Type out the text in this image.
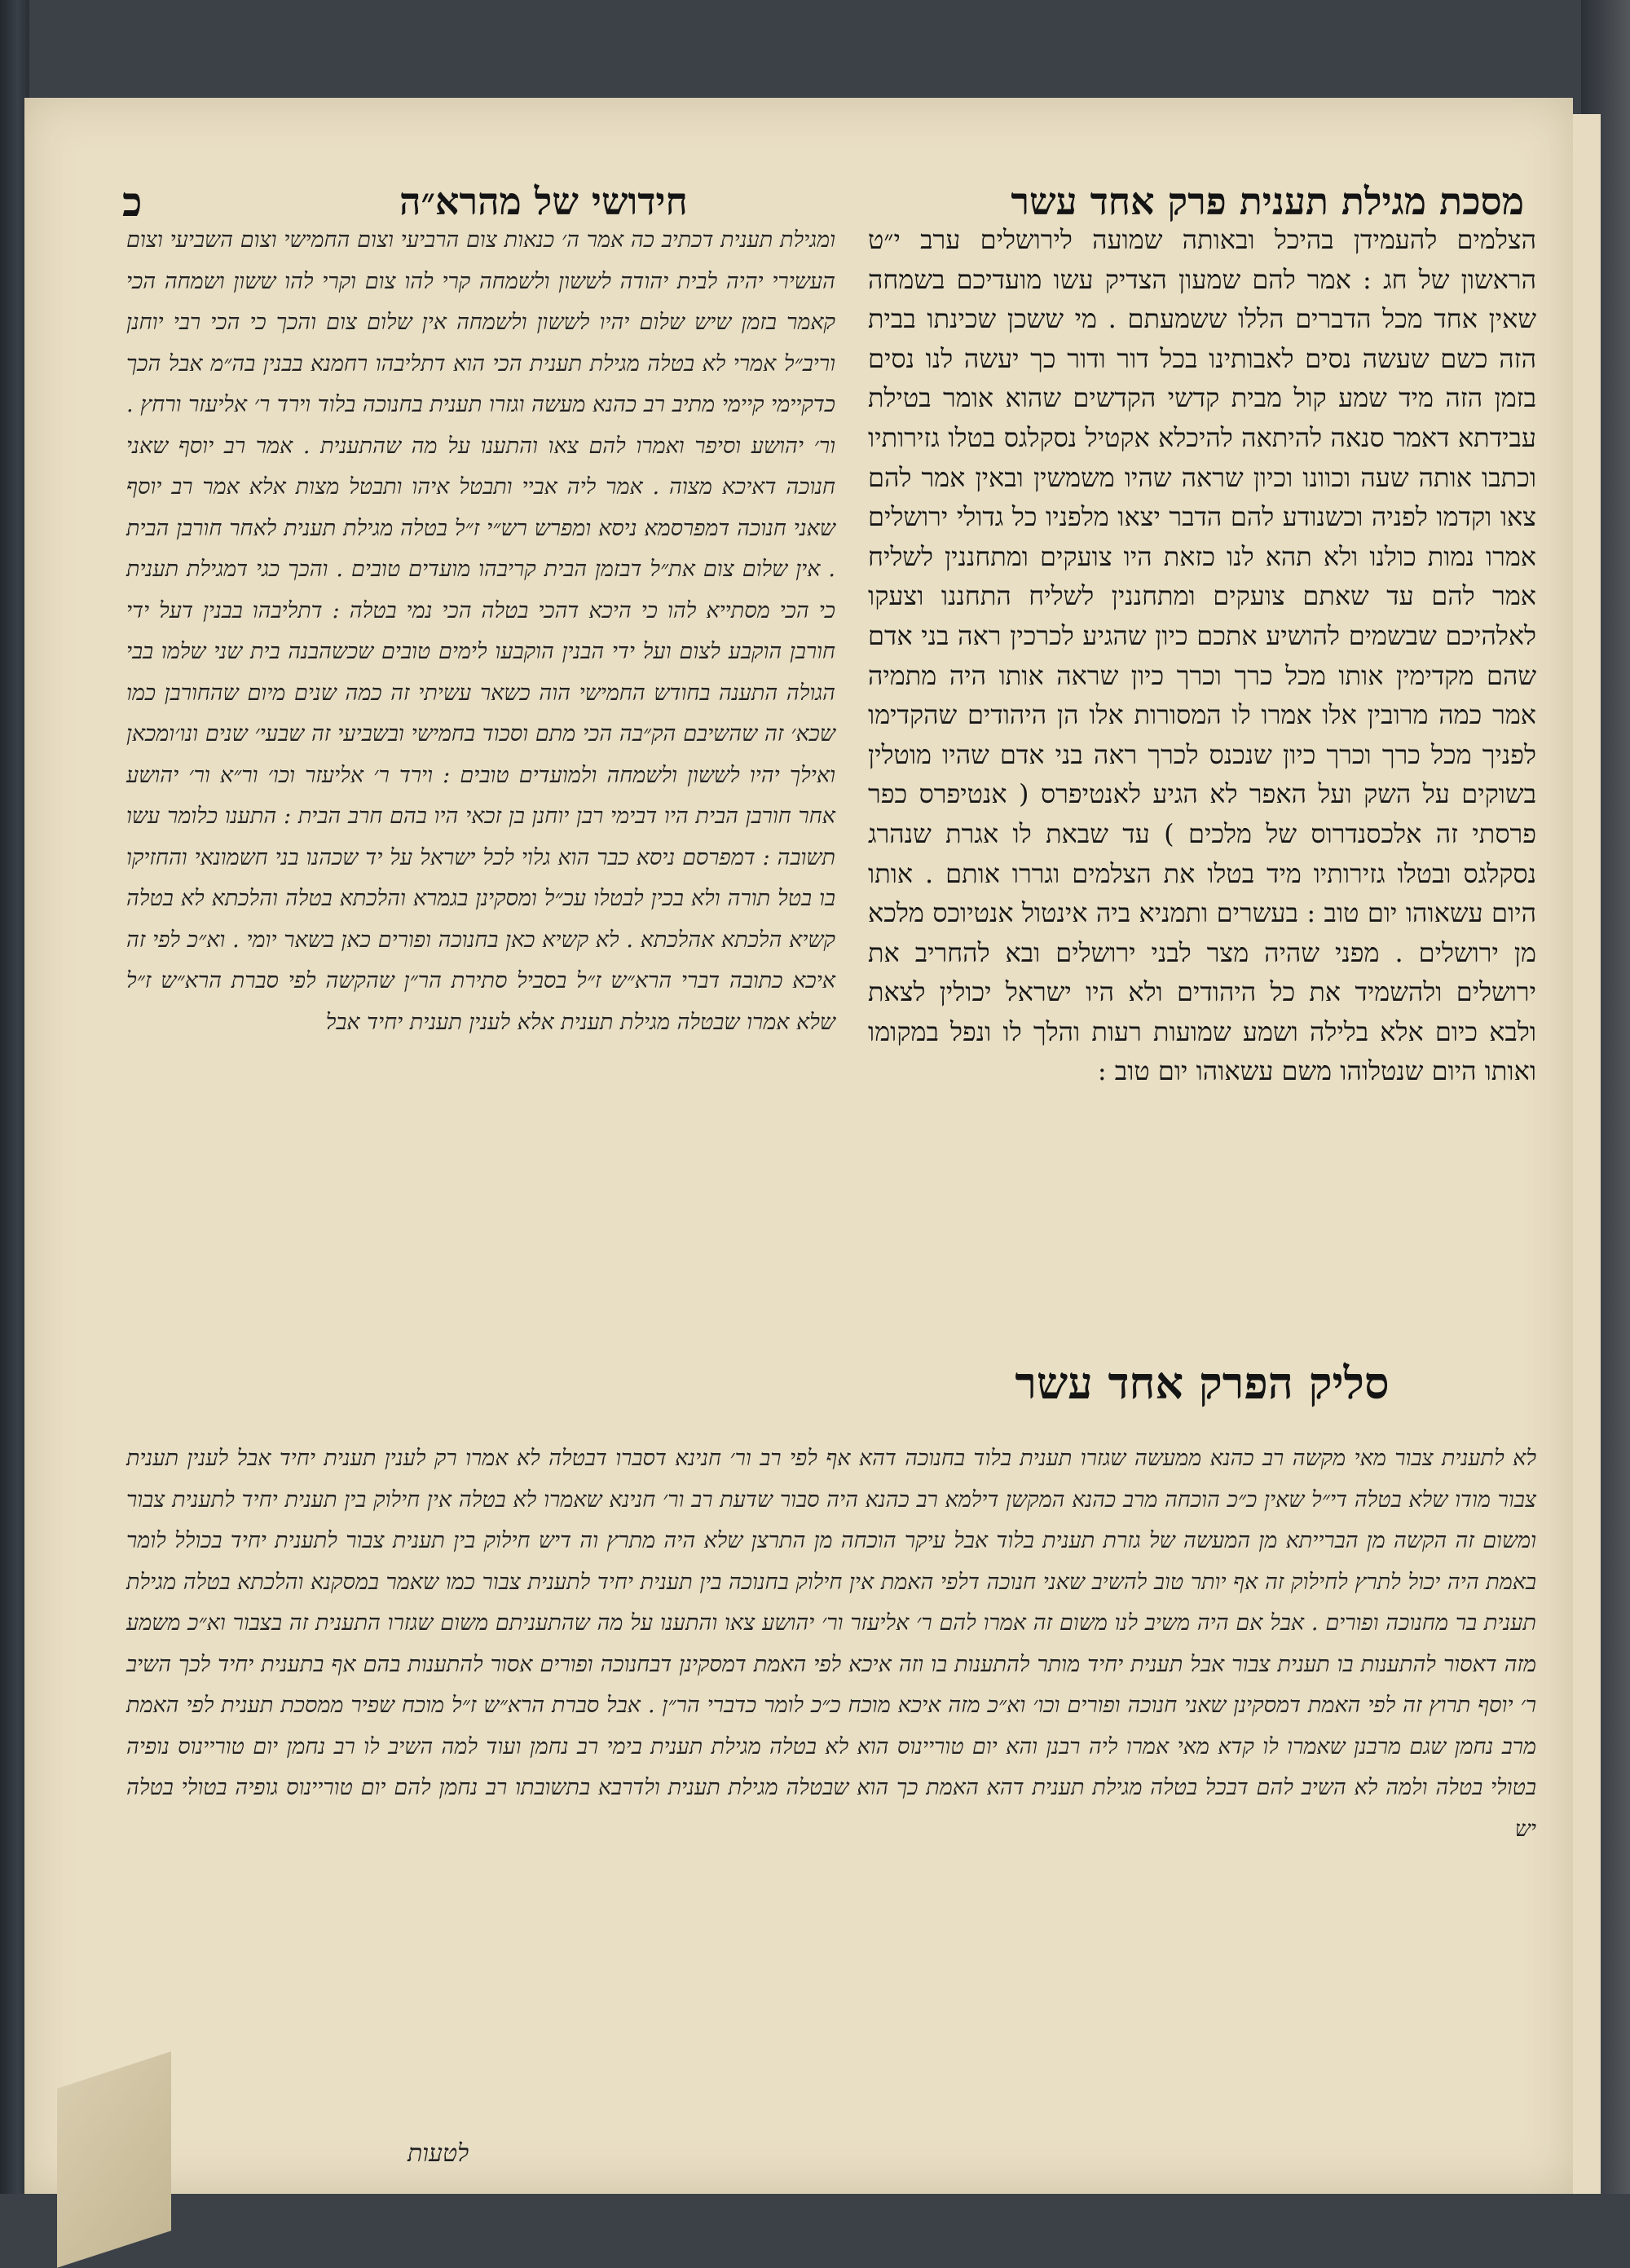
מסכת מגילת תענית פרק אחד עשר
חידושי של מהרא״ה
כ

הצלמים להעמידן בהיכל ובאותה שמועה לירושלים ערב י״ט הראשון של חג : אמר להם שמעון הצדיק עשו מועדיכם בשמחה שאין אחד מכל הדברים הללו ששמעתם . מי ששכן שכינתו בבית הזה כשם שעשה נסים לאבותינו בכל דור ודור כך יעשה לנו נסים בזמן הזה מיד שמע קול מבית קדשי הקדשים שהוא אומר בטילת עבידתא דאמר סנאה להיתאה להיכלא אקטיל נסקלגס בטלו גזירותיו וכתבו אותה שעה וכוונו וכיון שראה שהיו משמשין ובאין אמר להם צאו וקדמו לפניה וכשנודע להם הדבר יצאו מלפניו כל גדולי ירושלים אמרו נמות כולנו ולא תהא לנו כזאת היו צועקים ומתחננין לשליח אמר להם עד שאתם צועקים ומתחננין לשליח התחננו וצעקו לאלהיכם שבשמים להושיע אתכם כיון שהגיע לכרכין ראה בני אדם שהם מקדימין אותו מכל כרך וכרך כיון שראה אותו היה מתמיה אמר כמה מרובין אלו אמרו לו המסורות אלו הן היהודים שהקדימו לפניך מכל כרך וכרך כיון שנכנס לכרך ראה בני אדם שהיו מוטלין בשוקים על השק ועל האפר לא הגיע לאנטיפרס ( אנטיפרס כפר פרסתי זה אלכסנדרוס של מלכים ) עד שבאת לו אגרת שנהרג נסקלגס ובטלו גזירותיו מיד בטלו את הצלמים וגררו אותם . אותו היום עשאוהו יום טוב : בעשרים ותמניא ביה אינטול אנטיוכס מלכא מן ירושלים . מפני שהיה מצר לבני ירושלים ובא להחריב את ירושלים ולהשמיד את כל היהודים ולא היו ישראל יכולין לצאת ולבא כיום אלא בלילה ושמע שמועות רעות והלך לו ונפל במקומו ואותו היום שנטלוהו משם עשאוהו יום טוב :

ומגילת תענית דכתיב כה אמר ה׳ כנאות צום הרביעי וצום החמישי וצום השביעי וצום העשירי יהיה לבית יהודה לששון ולשמחה קרי להו צום וקרי להו ששון ושמחה הכי קאמר בזמן שיש שלום יהיו לששון ולשמחה אין שלום צום והכך כי הכי רבי יוחנן וריב״ל אמרי לא בטלה מגילת תענית הכי הוא דתליבהו רחמנא בבנין בה״מ אבל הכך כדקיימי קיימי מתיב רב כהנא מעשה וגזרו תענית בחנוכה בלוד וירד ר׳ אליעזר ורחץ . ור׳ יהושע וסיפר ואמרו להם צאו והתענו על מה שהתענית . אמר רב יוסף שאני חנוכה דאיכא מצוה . אמר ליה אביי ותבטל איהו ותבטל מצות אלא אמר רב יוסף שאני חנוכה דמפרסמא ניסא ומפרש רש״י ז״ל בטלה מגילת תענית לאחר חורבן הבית . אין שלום צום את״ל דבזמן הבית קריבהו מועדים טובים . והכך כגי דמגילת תענית כי הכי מסתייא להו כי היכא דהכי בטלה הכי נמי בטלה : דתליבהו בבנין דעל ידי חורבן הוקבע לצום ועל ידי הבנין הוקבעו לימים טובים שכשהבנה בית שני שלמו בבי הגולה התענה בחודש החמישי הוה כשאר עשיתי זה כמה שנים מיום שהחורבן כמו שכא׳ זה שהשיבם הק״בה הכי מתם וסכוד בחמישי ובשביעי זה שבעי׳ שנים ונו׳ומכאן ואילך יהיו לששון ולשמחה ולמועדים טובים : וירד ר׳ אליעזר וכו׳ ור״א ור׳ יהושע אחר חורבן הבית היו דבימי רבן יוחנן בן זכאי היו בהם חרב הבית : התענו כלומר עשו תשובה : דמפרסם ניסא כבר הוא גלוי לכל ישראל על יד שכהנו בני חשמונאי והחזיקו בו בטל תורה ולא בכין לבטלו עכ״ל ומסקינן בגמרא והלכתא בטלה והלכתא לא בטלה קשיא הלכתא אהלכתא . לא קשיא כאן בחנוכה ופורים כאן בשאר יומי . וא״כ לפי זה איכא כתובה דברי הרא״ש ז״ל בסביל סתירת הר״ן שהקשה לפי סברת הרא״ש ז״ל שלא אמרו שבטלה מגילת תענית אלא לענין תענית יחיד אבל

סליק הפרק אחד עשר

לא לתענית צבור מאי מקשה רב כהנא ממעשה שגזרו תענית בלוד בחנוכה דהא אף לפי רב ור׳ חנינא דסברו דבטלה לא אמרו רק לענין תענית יחיד אבל לענין תענית צבור מודו שלא בטלה די״ל שאין כ״כ הוכחה מרב כהנא המקשן דילמא רב כהנא היה סבור שדעת רב ור׳ חנינא שאמרו לא בטלה אין חילוק בין תענית יחיד לתענית צבור ומשום זה הקשה מן הברייתא מן המעשה של גזרת תענית בלוד אבל עיקר הוכחה מן התרצן שלא היה מתרץ וה דיש חילוק בין תענית צבור לתענית יחיד בכולל לומר באמת היה יכול לתרץ לחילוק זה אף יותר טוב להשיב שאני חנוכה דלפי האמת אין חילוק בחנוכה בין תענית יחיד לתענית צבור כמו שאמר במסקנא והלכתא בטלה מגילת תענית בר מחנוכה ופורים . אבל אם היה משיב לנו משום זה אמרו להם ר׳ אליעזר ור׳ יהושע צאו והתענו על מה שהתעניתם משום שגזרו התענית זה בצבור וא״כ משמע מזה דאסור להתענות בו תענית צבור אבל תענית יחיד מותר להתענות בו וזה איכא לפי האמת דמסקינן דבחנוכה ופורים אסור להתענות בהם אף בתענית יחיד לכך השיב ר׳ יוסף תרוץ זה לפי האמת דמסקינן שאני חנוכה ופורים וכו׳ וא״כ מזה איכא מוכח כ״כ לומר כדברי הר״ן . אבל סברת הרא״ש ז״ל מוכח שפיר ממסכת תענית לפי האמת מרב נחמן שגם מרבנן שאמרו לו קדא מאי אמרו ליה רבנן והא יום טוריינוס הוא לא בטלה מגילת תענית בימי רב נחמן ועוד למה השיב לו רב נחמן יום טוריינוס נופיה בטולי בטלה ולמה לא השיב להם דבכל בטלה מגילת תענית דהא האמת כך הוא שבטלה מגילת תענית ולדרבא בתשובתו רב נחמן להם יום טוריינוס גופיה בטולי בטלה יש

לטעות
